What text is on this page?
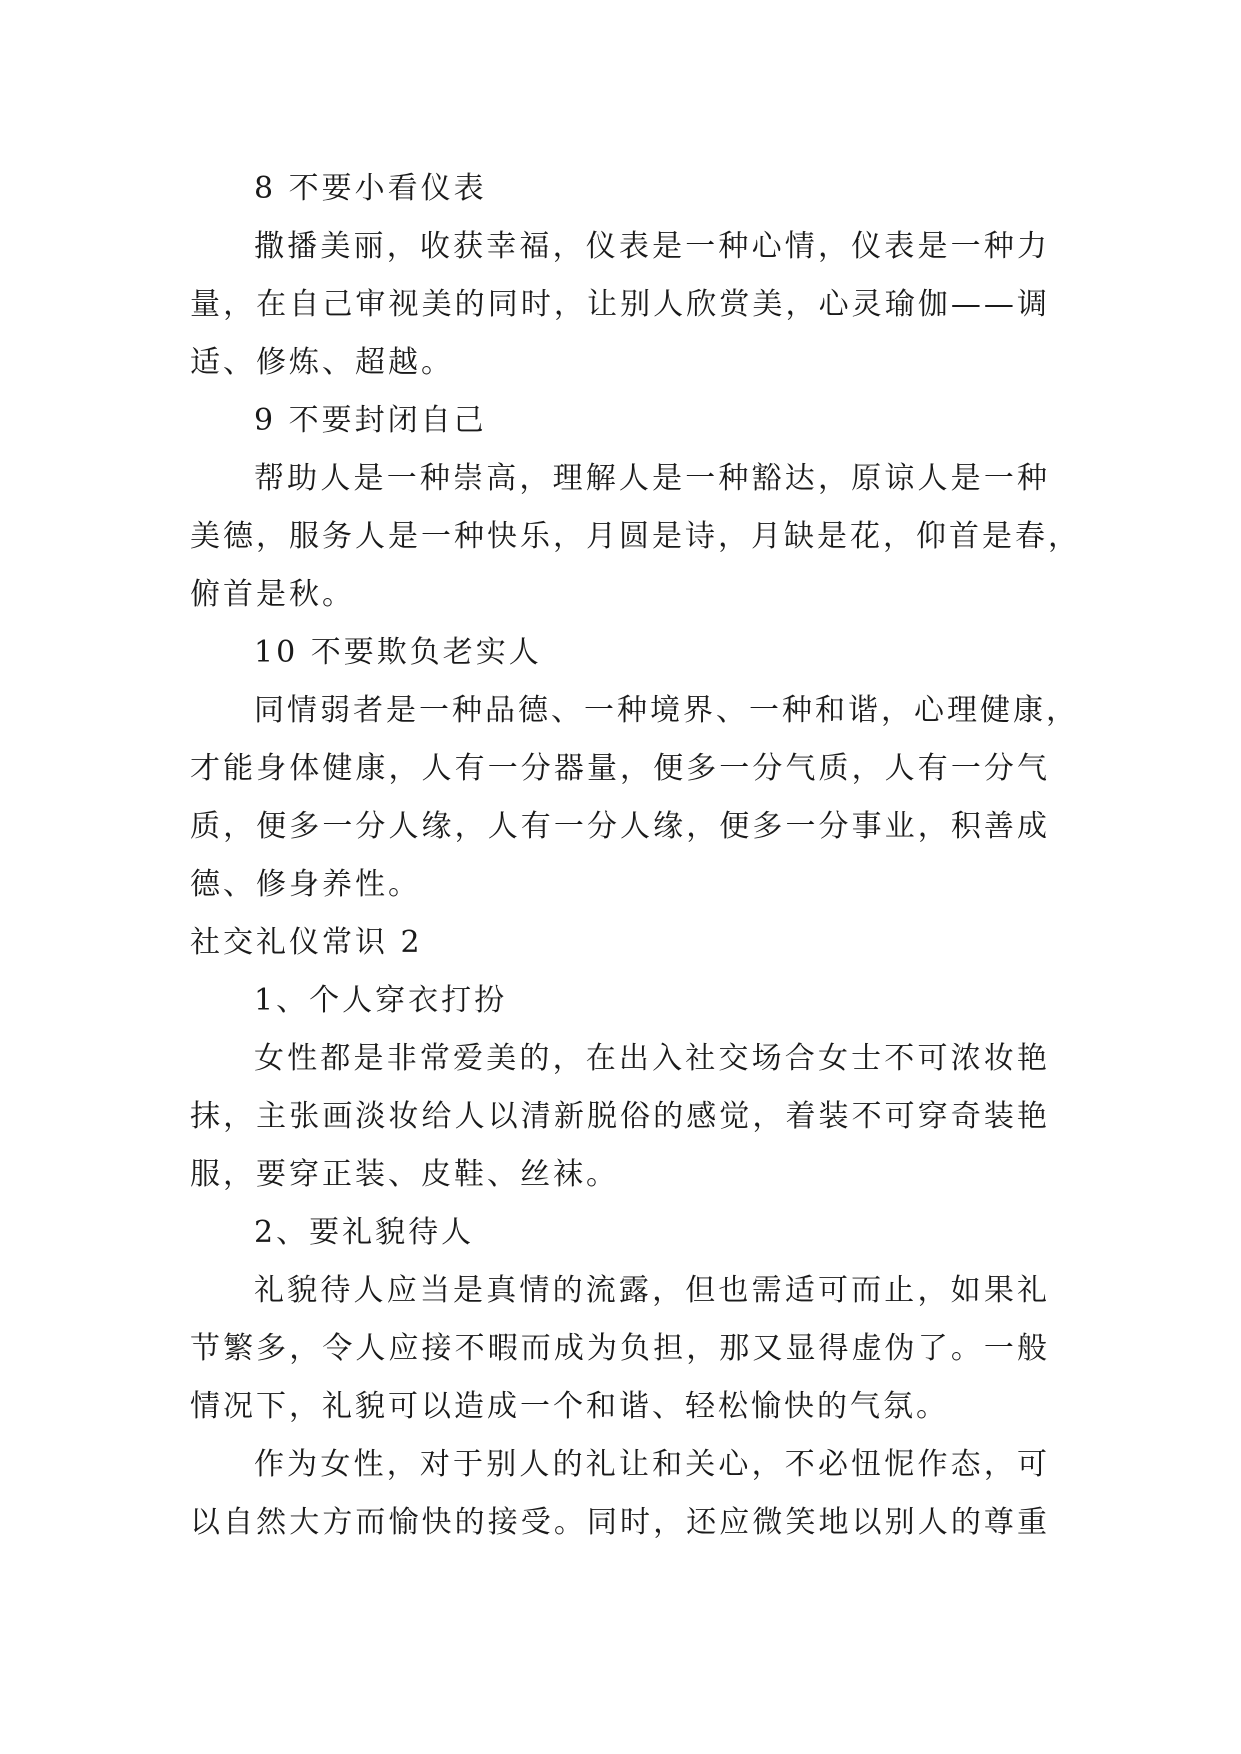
8 不要小看仪表

撒播美丽，收获幸福，仪表是一种心情，仪表是一种力

量，在自己审视美的同时，让别人欣赏美，心灵瑜伽——调

适、修炼、超越。

9 不要封闭自己

帮助人是一种崇高，理解人是一种豁达，原谅人是一种

美德，服务人是一种快乐，月圆是诗，月缺是花，仰首是春，

俯首是秋。

10 不要欺负老实人

同情弱者是一种品德、一种境界、一种和谐，心理健康，

才能身体健康，人有一分器量，便多一分气质，人有一分气

质，便多一分人缘，人有一分人缘，便多一分事业，积善成

德、修身养性。

社交礼仪常识 2

1、个人穿衣打扮

女性都是非常爱美的，在出入社交场合女士不可浓妆艳

抹，主张画淡妆给人以清新脱俗的感觉，着装不可穿奇装艳

服，要穿正装、皮鞋、丝袜。

2、要礼貌待人

礼貌待人应当是真情的流露，但也需适可而止，如果礼

节繁多，令人应接不暇而成为负担，那又显得虚伪了。一般

情况下，礼貌可以造成一个和谐、轻松愉快的气氛。

作为女性，对于别人的礼让和关心，不必忸怩作态，可

以自然大方而愉快的接受。同时，还应微笑地以别人的尊重
